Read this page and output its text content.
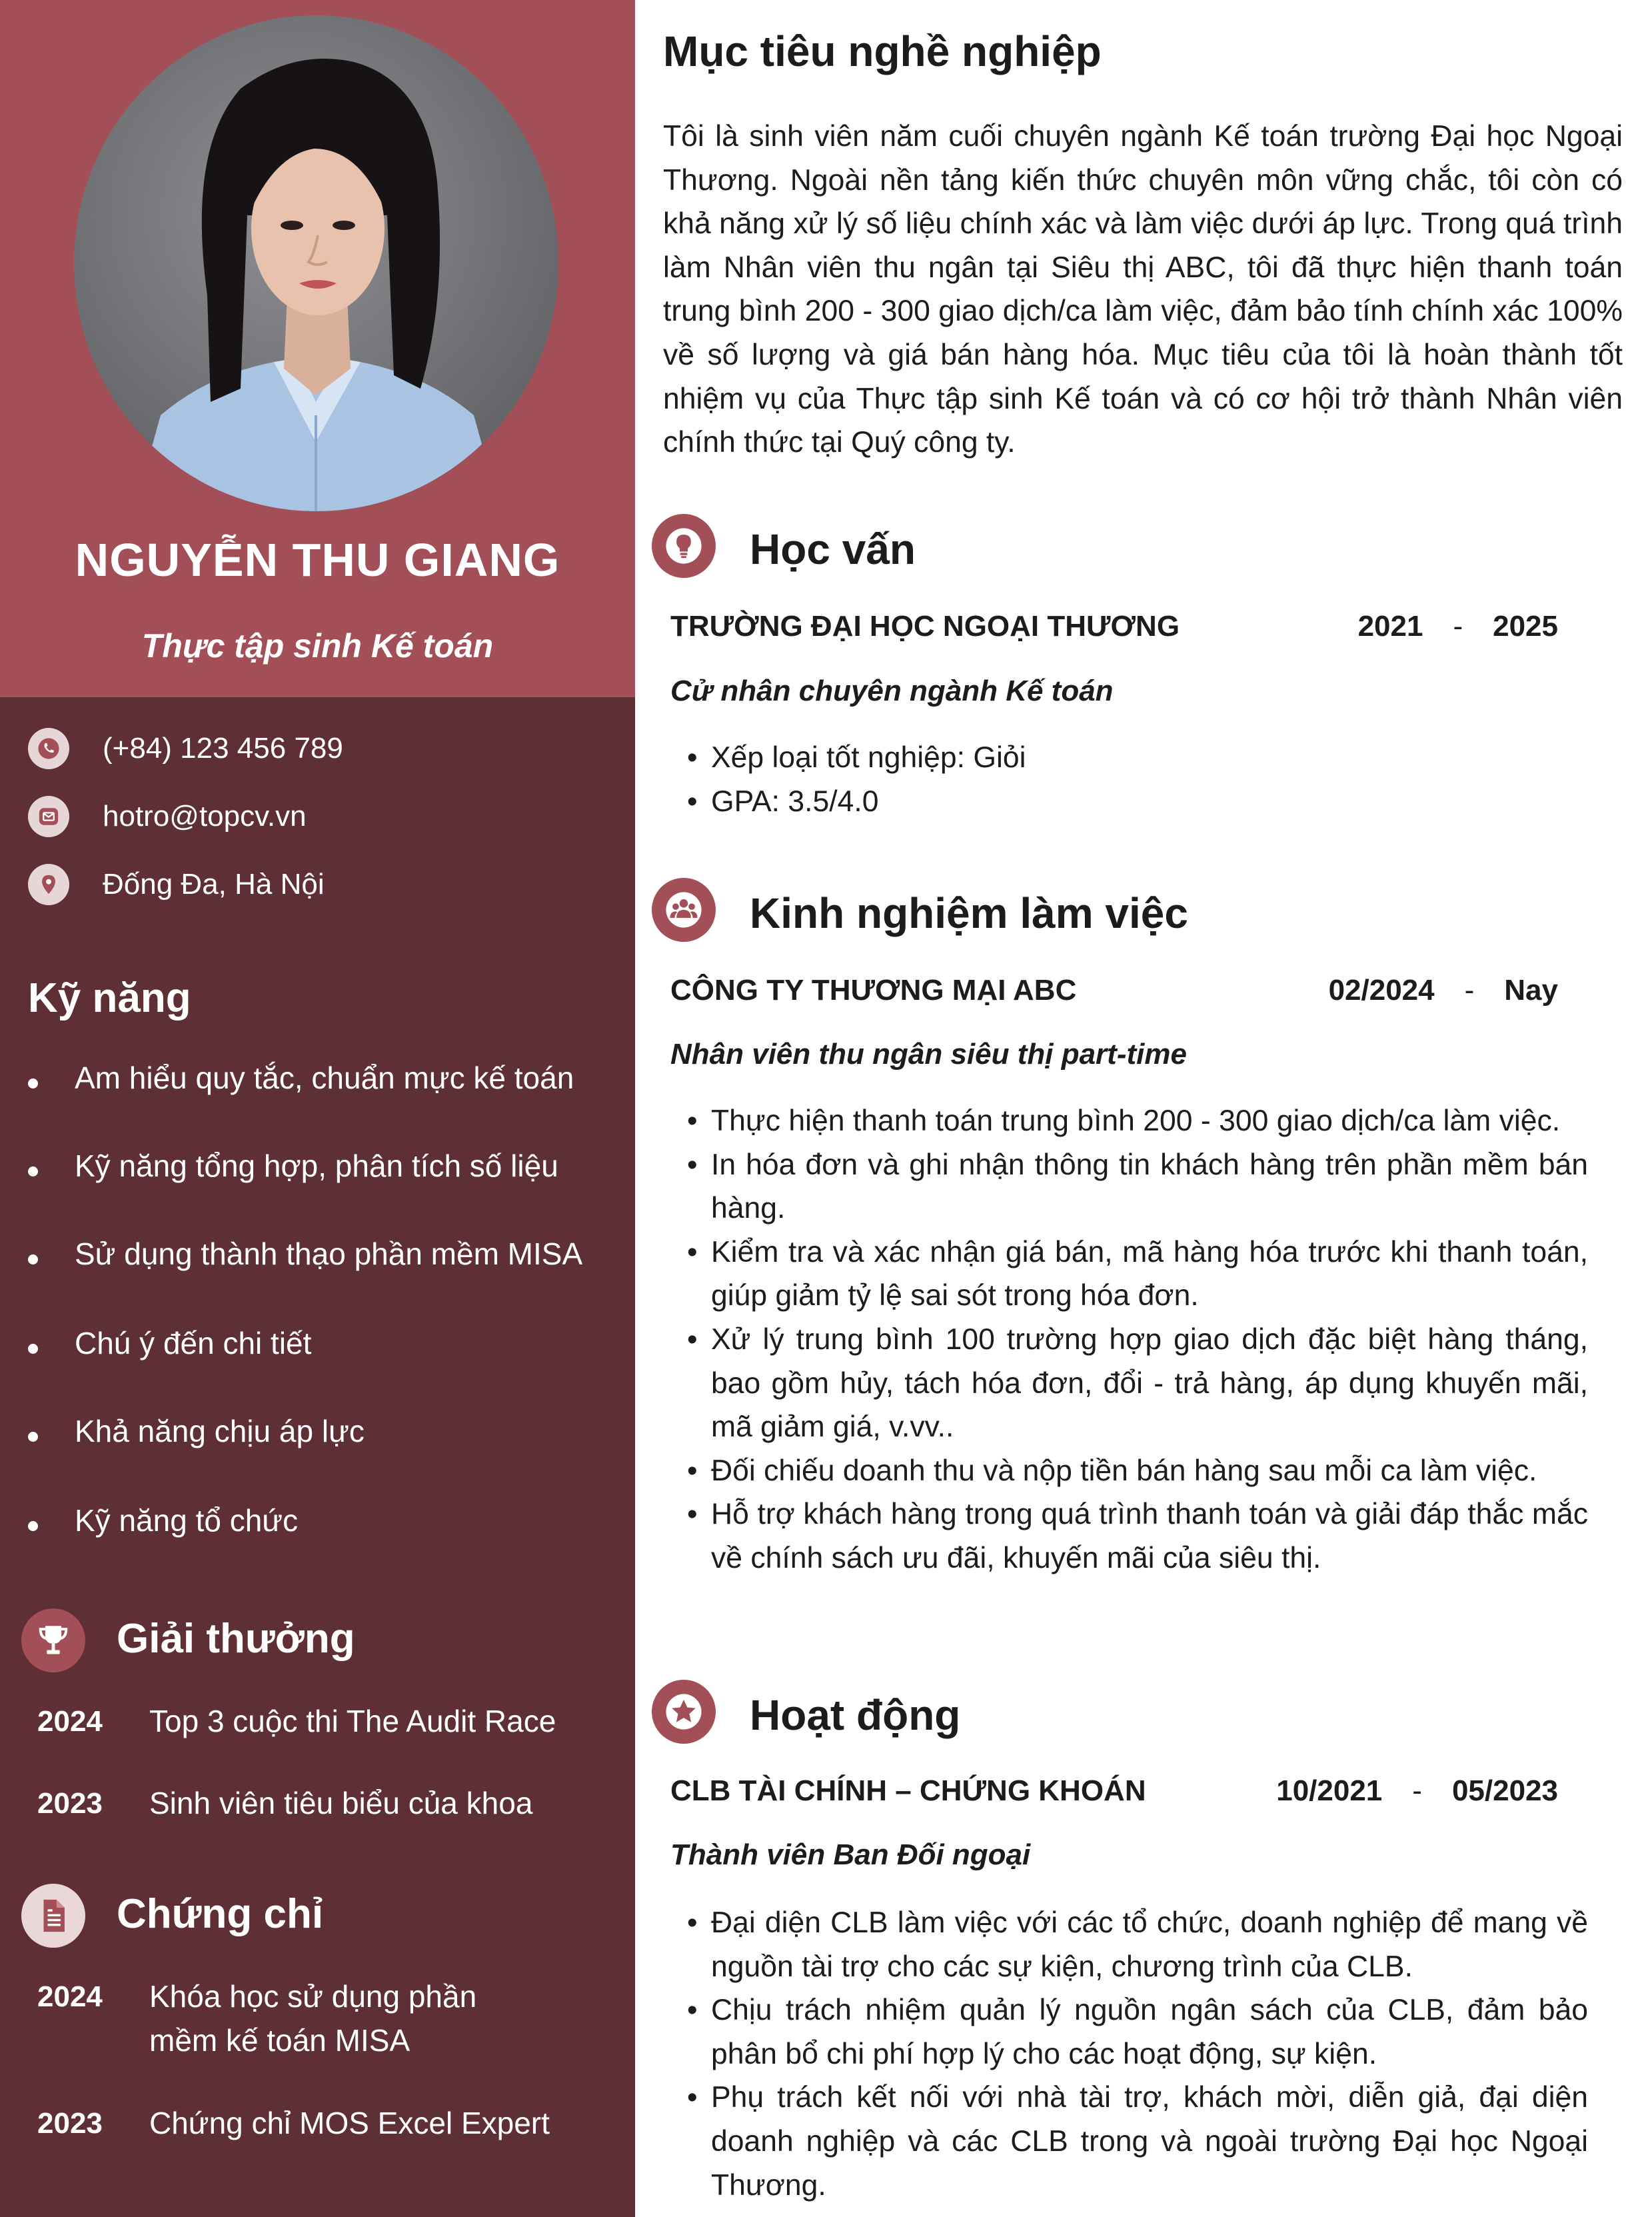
NGUYỄN THU GIANG
Thực tập sinh Kế toán
(+84) 123 456 789
hotro@topcv.vn
Đống Đa, Hà Nội
Kỹ năng
Am hiểu quy tắc, chuẩn mực kế toán
Kỹ năng tổng hợp, phân tích số liệu
Sử dụng thành thạo phần mềm MISA
Chú ý đến chi tiết
Khả năng chịu áp lực
Kỹ năng tổ chức
Giải thưởng
2024	Top 3 cuộc thi The Audit Race
2023	Sinh viên tiêu biểu của khoa
Chứng chỉ
2024	Khóa học sử dụng phần mềm kế toán MISA
2023	Chứng chỉ MOS Excel Expert
Mục tiêu nghề nghiệp

Tôi là sinh viên năm cuối chuyên ngành Kế toán trường Đại học Ngoại Thương. Ngoài nền tảng kiến thức chuyên môn vững chắc, tôi còn có khả năng xử lý số liệu chính xác và làm việc dưới áp lực. Trong quá trình làm Nhân viên thu ngân tại Siêu thị ABC, tôi đã thực hiện thanh toán trung bình 200 - 300 giao dịch/ca làm việc, đảm bảo tính chính xác 100% về số lượng và giá bán hàng hóa. Mục tiêu của tôi là hoàn thành tốt nhiệm vụ của Thực tập sinh Kế toán và có cơ hội trở thành Nhân viên chính thức tại Quý công ty.

Học vấn
TRƯỜNG ĐẠI HỌC NGOẠI THƯƠNG	2021 - 2025
Cử nhân chuyên ngành Kế toán
• Xếp loại tốt nghiệp: Giỏi
• GPA: 3.5/4.0
Kinh nghiệm làm việc
CÔNG TY THƯƠNG MẠI ABC	02/2024 - Nay
Nhân viên thu ngân siêu thị part-time
• Thực hiện thanh toán trung bình 200 - 300 giao dịch/ca làm việc.
• In hóa đơn và ghi nhận thông tin khách hàng trên phần mềm bán hàng.
• Kiểm tra và xác nhận giá bán, mã hàng hóa trước khi thanh toán, giúp giảm tỷ lệ sai sót trong hóa đơn.
• Xử lý trung bình 100 trường hợp giao dịch đặc biệt hàng tháng, bao gồm hủy, tách hóa đơn, đổi - trả hàng, áp dụng khuyến mãi, mã giảm giá, v.vv..
• Đối chiếu doanh thu và nộp tiền bán hàng sau mỗi ca làm việc.
• Hỗ trợ khách hàng trong quá trình thanh toán và giải đáp thắc mắc về chính sách ưu đãi, khuyến mãi của siêu thị.
Hoạt động
CLB TÀI CHÍNH – CHỨNG KHOÁN	10/2021 - 05/2023
Thành viên Ban Đối ngoại
• Đại diện CLB làm việc với các tổ chức, doanh nghiệp để mang về nguồn tài trợ cho các sự kiện, chương trình của CLB.
• Chịu trách nhiệm quản lý nguồn ngân sách của CLB, đảm bảo phân bổ chi phí hợp lý cho các hoạt động, sự kiện.
• Phụ trách kết nối với nhà tài trợ, khách mời, diễn giả, đại diện doanh nghiệp và các CLB trong và ngoài trường Đại học Ngoại Thương.
